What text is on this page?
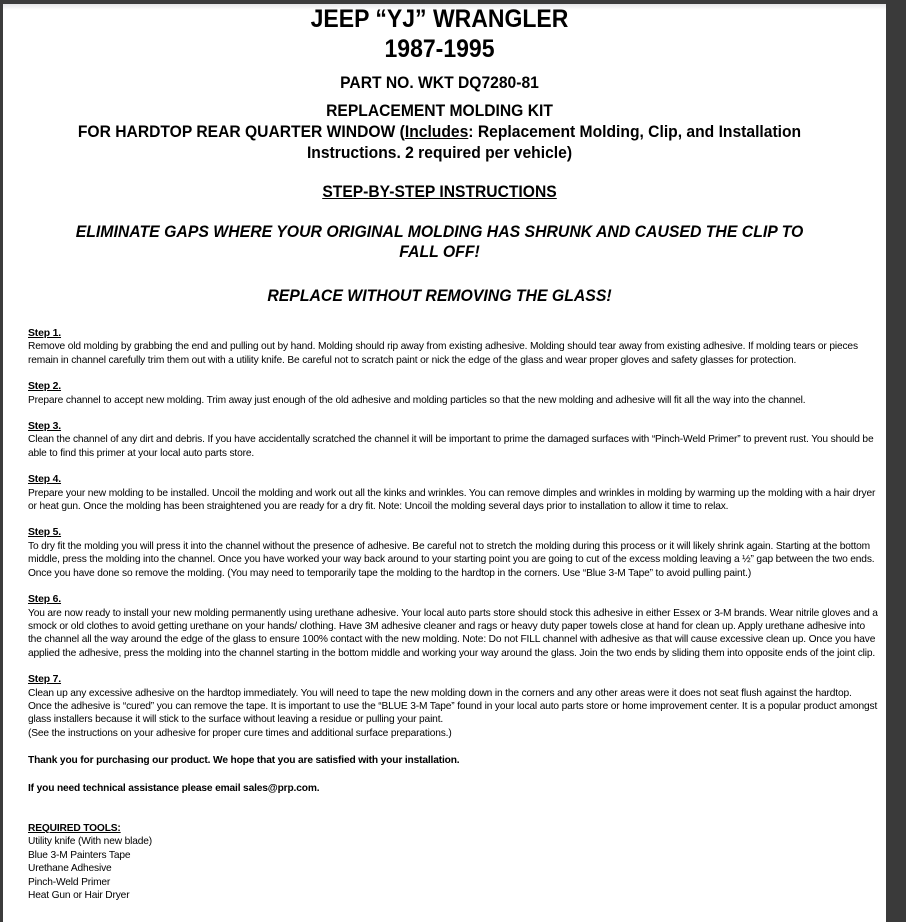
JEEP “YJ” WRANGLER
1987-1995
PART NO. WKT DQ7280-81
REPLACEMENT MOLDING KIT
FOR HARDTOP REAR QUARTER WINDOW (Includes: Replacement Molding, Clip, and Installation
Instructions. 2 required per vehicle)
STEP-BY-STEP INSTRUCTIONS
ELIMINATE GAPS WHERE YOUR ORIGINAL MOLDING HAS SHRUNK AND CAUSED THE CLIP TO
FALL OFF!
REPLACE WITHOUT REMOVING THE GLASS!
Step 1.
Remove old molding by grabbing the end and pulling out by hand. Molding should rip away from existing adhesive. Molding should tear away from existing adhesive. If molding tears or pieces remain in channel carefully trim them out with a utility knife. Be careful not to scratch paint or nick the edge of the glass and wear proper gloves and safety glasses for protection.
Step 2.
Prepare channel to accept new molding. Trim away just enough of the old adhesive and molding particles so that the new molding and adhesive will fit all the way into the channel.
Step 3.
Clean the channel of any dirt and debris. If you have accidentally scratched the channel it will be important to prime the damaged surfaces with “Pinch-Weld Primer” to prevent rust. You should be able to find this primer at your local auto parts store.
Step 4.
Prepare your new molding to be installed. Uncoil the molding and work out all the kinks and wrinkles. You can remove dimples and wrinkles in molding by warming up the molding with a hair dryer or heat gun. Once the molding has been straightened you are ready for a dry fit. Note: Uncoil the molding several days prior to installation to allow it time to relax.
Step 5.
To dry fit the molding you will press it into the channel without the presence of adhesive. Be careful not to stretch the molding during this process or it will likely shrink again. Starting at the bottom middle, press the molding into the channel. Once you have worked your way back around to your starting point you are going to cut of the excess molding leaving a ½” gap between the two ends. Once you have done so remove the molding. (You may need to temporarily tape the molding to the hardtop in the corners. Use “Blue 3-M Tape” to avoid pulling paint.)
Step 6.
You are now ready to install your new molding permanently using urethane adhesive. Your local auto parts store should stock this adhesive in either Essex or 3-M brands. Wear nitrile gloves and a smock or old clothes to avoid getting urethane on your hands/ clothing. Have 3M adhesive cleaner and rags or heavy duty paper towels close at hand for clean up. Apply urethane adhesive into the channel all the way around the edge of the glass to ensure 100% contact with the new molding. Note: Do not FILL channel with adhesive as that will cause excessive clean up. Once you have applied the adhesive, press the molding into the channel starting in the bottom middle and working your way around the glass. Join the two ends by sliding them into opposite ends of the joint clip.
Step 7.
Clean up any excessive adhesive on the hardtop immediately. You will need to tape the new molding down in the corners and any other areas were it does not seat flush against the hardtop. Once the adhesive is “cured” you can remove the tape. It is important to use the “BLUE 3-M Tape” found in your local auto parts store or home improvement center. It is a popular product amongst glass installers because it will stick to the surface without leaving a residue or pulling your paint.
(See the instructions on your adhesive for proper cure times and additional surface preparations.)
Thank you for purchasing our product. We hope that you are satisfied with your installation.
If you need technical assistance please email sales@prp.com.
REQUIRED TOOLS:
Utility knife (With new blade)
Blue 3-M Painters Tape
Urethane Adhesive
Pinch-Weld Primer
Heat Gun or Hair Dryer
